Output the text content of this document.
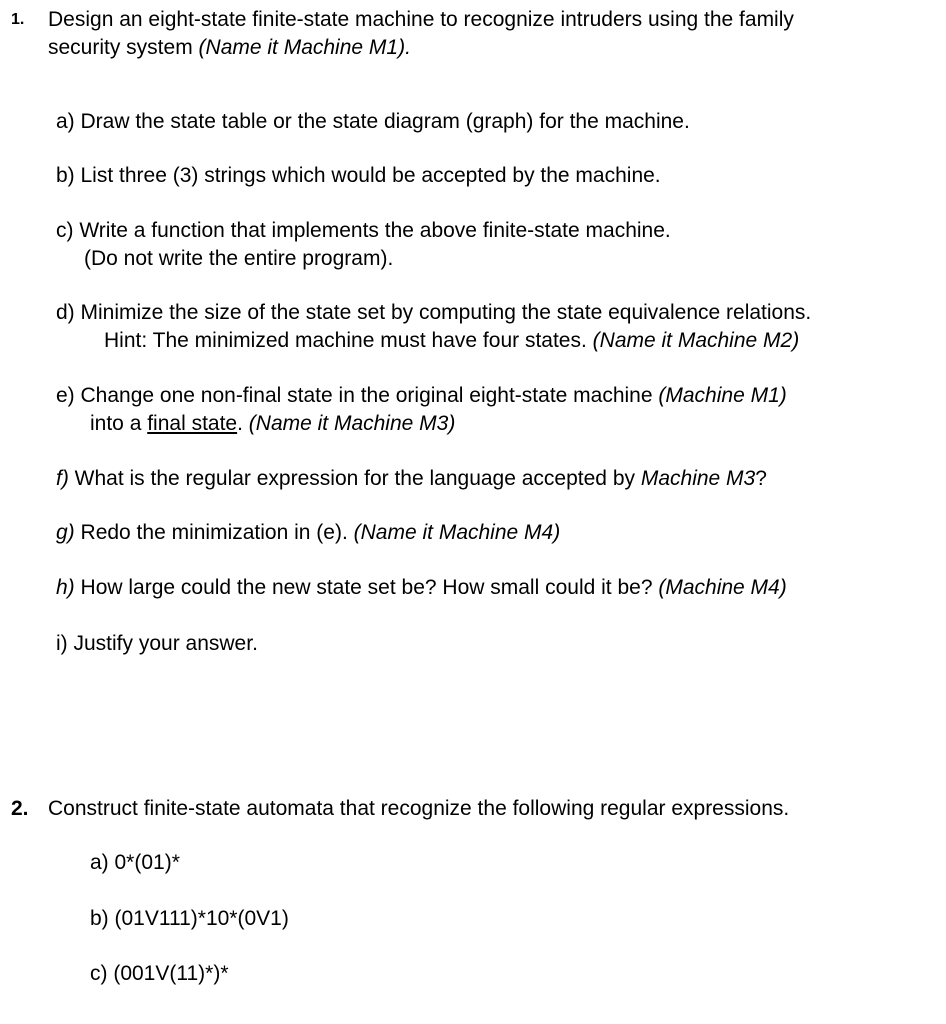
1. Design an eight-state finite-state machine to recognize intruders using the family
security system (Name it Machine M1).
a) Draw the state table or the state diagram (graph) for the machine.
b) List three (3) strings which would be accepted by the machine.
c) Write a function that implements the above finite-state machine.
(Do not write the entire program).
d) Minimize the size of the state set by computing the state equivalence relations.
Hint: The minimized machine must have four states. (Name it Machine M2)
e) Change one non-final state in the original eight-state machine (Machine M1)
into a final state. (Name it Machine M3)
f) What is the regular expression for the language accepted by Machine M3?
g) Redo the minimization in (e). (Name it Machine M4)
h) How large could the new state set be? How small could it be? (Machine M4)
i) Justify your answer.
2. Construct finite-state automata that recognize the following regular expressions.
a) 0*(01)*
b) (01V111)*10*(0V1)
c) (001V(11)*)*
